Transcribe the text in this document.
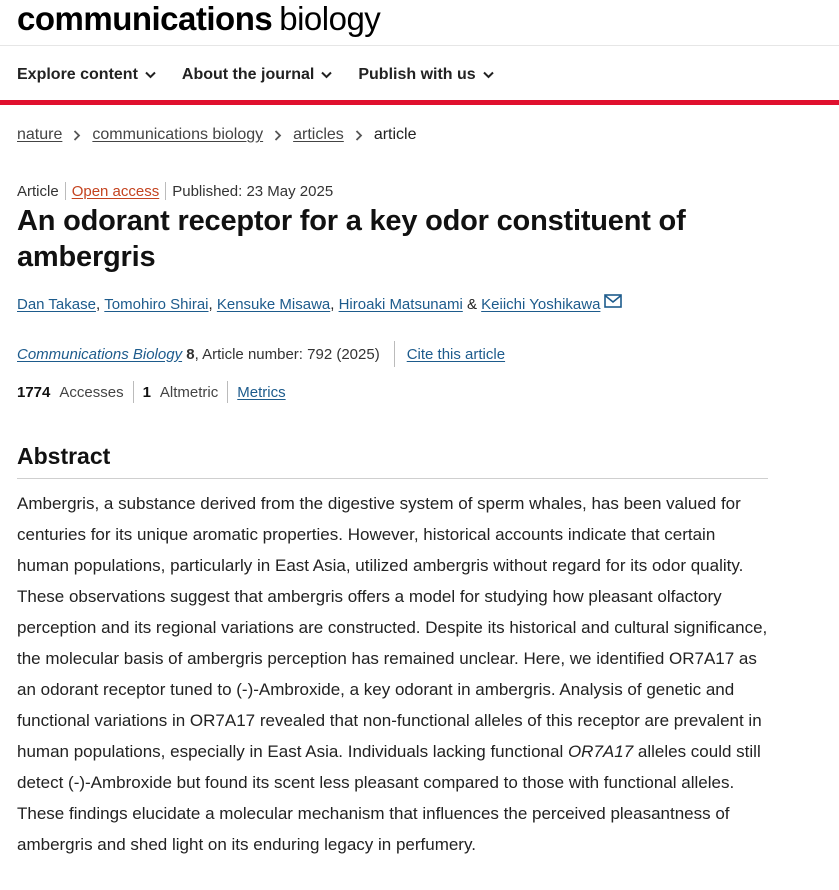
communications biology
Explore content	About the journal	Publish with us
nature communications biology articles article
Article Open access Published: 23 May 2025
An odorant receptor for a key odor constituent of ambergris
Dan Takase ,
Tomohiro Shirai ,
Kensuke Misawa ,
Hiroaki Matsunami
&
Keiichi Yoshikawa
Communications Biology
8 , Article number: 792 (2025) Cite this article
1774 Accesses 1 Altmetric Metrics
Abstract

Ambergris, a substance derived from the digestive system of sperm whales, has been valued for centuries for its unique aromatic properties. However, historical accounts indicate that certain human populations, particularly in East Asia, utilized ambergris without regard for its odor quality. These observations suggest that ambergris offers a model for studying how pleasant olfactory perception and its regional variations are constructed. Despite its historical and cultural significance, the molecular basis of ambergris perception has remained unclear. Here, we identified OR7A17 as an odorant receptor tuned to (-)-Ambroxide, a key odorant in ambergris. Analysis of genetic and functional variations in OR7A17 revealed that non-functional alleles of this receptor are prevalent in human populations, especially in East Asia. Individuals lacking functional OR7A17 alleles could still detect (-)-Ambroxide but found its scent less pleasant compared to those with functional alleles. These findings elucidate a molecular mechanism that influences the perceived pleasantness of ambergris and shed light on its enduring legacy in perfumery.
